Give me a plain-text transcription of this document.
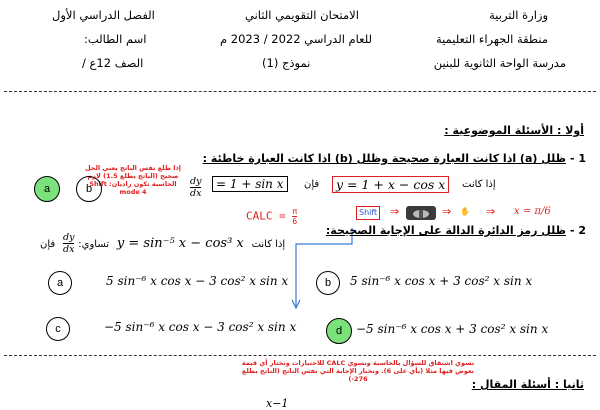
وزارة التربية
الامتحان التقويمي الثاني
الفصل الدراسي الأول
منطقة الجهراء التعليمية
للعام الدراسي 2022 / 2023 م
اسم الطالب:
مدرسة الواحة الثانوية للبنين
نموذج (1)
الصف 12ع /
أولا : الأسئلة الموضوعية :
1 -
ظلل (a) اذا كانت العبارة صحيحة وظلل (b) اذا كانت العبارة خاطئة :
إذا طلع نفس الناتج يعني الحل صحيح (الناتج يطلع 1.5) لازم الحاسبة تكون راديان: Shift mode 4
a	b	$\frac{dy}{dx}$	= 1 + sin x	فإن	y = 1 + x − cos x	إذا كانت
CALC = $\frac{\pi}{6}$	Shift ⇒	⇒ ✋ ⇒ x = π/6
2 -
ظلل رمز الدائرة الدالة على الإجابة الصحيحة:
تساوي:
$\frac{dy}{dx}$
فإن	y = sin⁻⁵ x − cos³ x إذا كانت
a	5 sin⁻⁶ x cos x − 3 cos² x sin x	b	5 sin⁻⁶ x cos x + 3 cos² x sin x
c	−5 sin⁻⁶ x cos x − 3 cos² x sin x	d	−5 sin⁻⁶ x cos x + 3 cos² x sin x
نسوي اشتقاق للسؤال بالحاسبة ونسوي CALC للاختيارات ونختار أي قيمة نعوض فيها مثلا (يأي على 6). ونختار الإجابة التي نفس الناتج (الناتج يطلع 276-)	ثانيا : أسئلة المقال :
x−1
